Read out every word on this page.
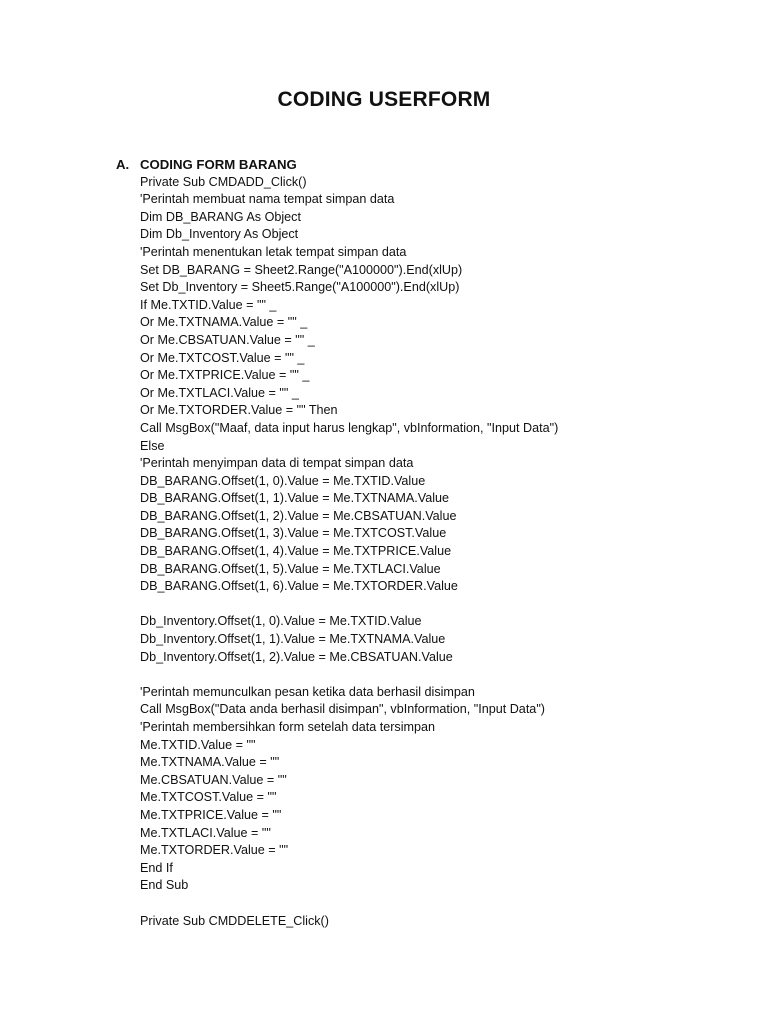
CODING USERFORM
A. CODING FORM BARANG
Private Sub CMDADD_Click()
'Perintah membuat nama tempat simpan data
Dim DB_BARANG As Object
Dim Db_Inventory As Object
'Perintah menentukan letak tempat simpan data
Set DB_BARANG = Sheet2.Range("A100000").End(xlUp)
Set Db_Inventory = Sheet5.Range("A100000").End(xlUp)
If Me.TXTID.Value = "" _
Or Me.TXTNAMA.Value = "" _
Or Me.CBSATUAN.Value = "" _
Or Me.TXTCOST.Value = "" _
Or Me.TXTPRICE.Value = "" _
Or Me.TXTLACI.Value = "" _
Or Me.TXTORDER.Value = "" Then
Call MsgBox("Maaf, data input harus lengkap", vbInformation, "Input Data")
Else
'Perintah menyimpan data di tempat simpan data
DB_BARANG.Offset(1, 0).Value = Me.TXTID.Value
DB_BARANG.Offset(1, 1).Value = Me.TXTNAMA.Value
DB_BARANG.Offset(1, 2).Value = Me.CBSATUAN.Value
DB_BARANG.Offset(1, 3).Value = Me.TXTCOST.Value
DB_BARANG.Offset(1, 4).Value = Me.TXTPRICE.Value
DB_BARANG.Offset(1, 5).Value = Me.TXTLACI.Value
DB_BARANG.Offset(1, 6).Value = Me.TXTORDER.Value
Db_Inventory.Offset(1, 0).Value = Me.TXTID.Value
Db_Inventory.Offset(1, 1).Value = Me.TXTNAMA.Value
Db_Inventory.Offset(1, 2).Value = Me.CBSATUAN.Value
'Perintah memunculkan pesan ketika data berhasil disimpan
Call MsgBox("Data anda berhasil disimpan", vbInformation, "Input Data")
'Perintah membersihkan form setelah data tersimpan
Me.TXTID.Value = ""
Me.TXTNAMA.Value = ""
Me.CBSATUAN.Value = ""
Me.TXTCOST.Value = ""
Me.TXTPRICE.Value = ""
Me.TXTLACI.Value = ""
Me.TXTORDER.Value = ""
End If
End Sub
Private Sub CMDDELETE_Click()
